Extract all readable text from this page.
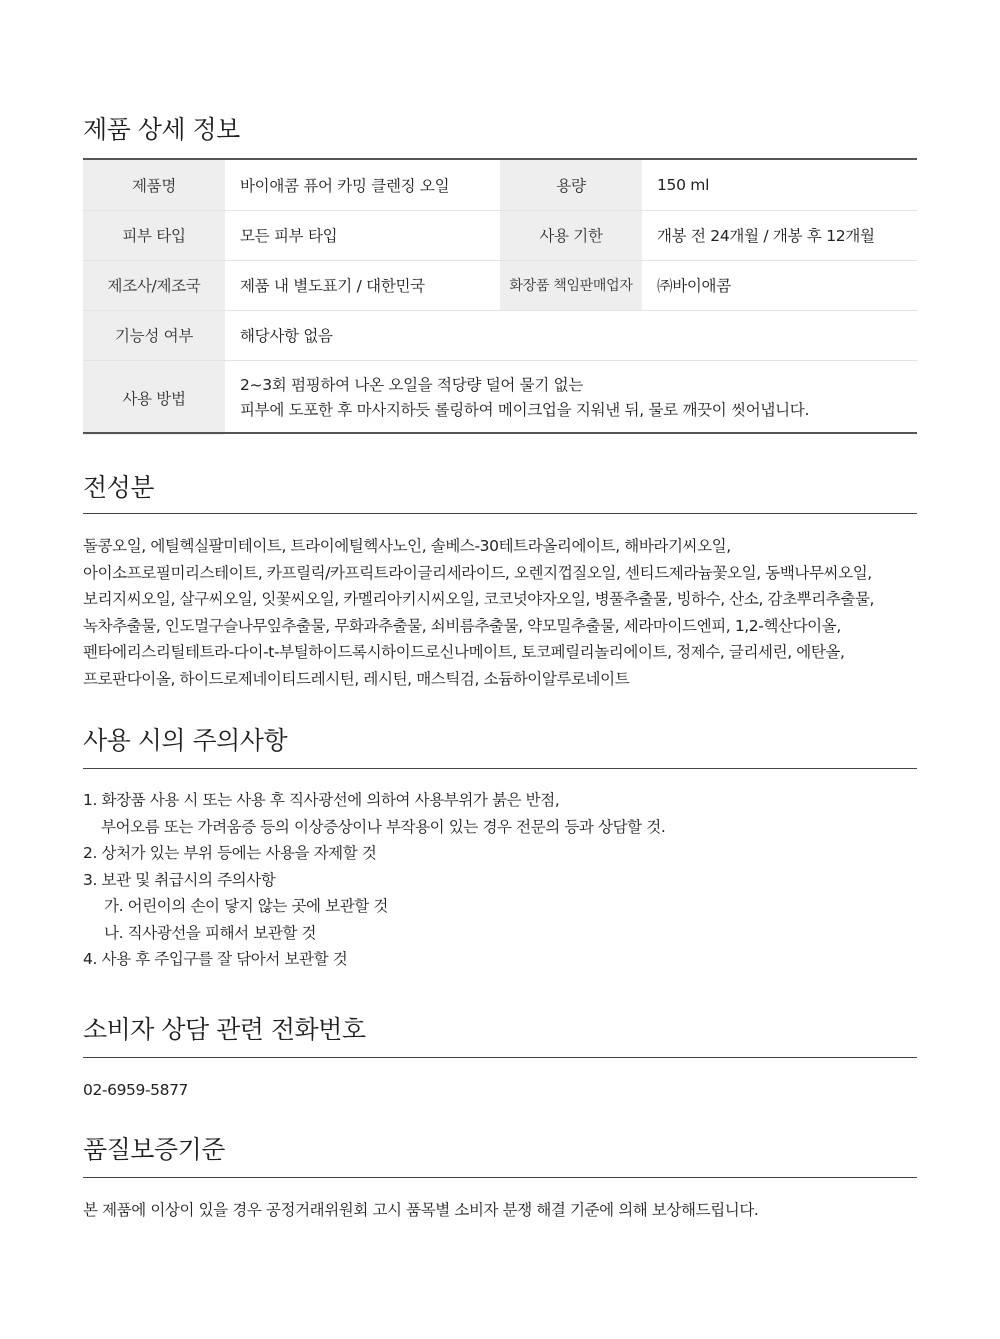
제품 상세 정보
제품명	바이애콤 퓨어 카밍 클렌징 오일	용량	150 ml
피부 타입	모든 피부 타입	사용 기한	개봉 전 24개월 / 개봉 후 12개월
제조사/제조국	제품 내 별도표기 / 대한민국	화장품 책임판매업자	㈜바이애콤
기능성 여부	해당사항 없음		
사용 방법	2~3회 펌핑하여 나온 오일을 적당량 덜어 물기 없는
피부에 도포한 후 마사지하듯 롤링하여 메이크업을 지워낸 뒤, 물로 깨끗이 씻어냅니다.		
전성분
돌콩오일, 에틸헥실팔미테이트, 트라이에틸헥사노인, 솔베스-30테트라올리에이트, 해바라기씨오일,
아이소프로필미리스테이트, 카프릴릭/카프릭트라이글리세라이드, 오렌지껍질오일, 센티드제라늄꽃오일, 동백나무씨오일,
보리지씨오일, 살구씨오일, 잇꽃씨오일, 카멜리아키시씨오일, 코코넛야자오일, 병풀추출물, 빙하수, 산소, 감초뿌리추출물,
녹차추출물, 인도멀구슬나무잎추출물, 무화과추출물, 쇠비름추출물, 약모밀추출물, 세라마이드엔피, 1,2-헥산다이올,
펜타에리스리틸테트라-다이-t-부틸하이드록시하이드로신나메이트, 토코페릴리놀리에이트, 정제수, 글리세린, 에탄올,
프로판다이올, 하이드로제네이티드레시틴, 레시틴, 매스틱검, 소듐하이알루로네이트
사용 시의 주의사항
1. 화장품 사용 시 또는 사용 후 직사광선에 의하여 사용부위가 붉은 반점,
부어오름 또는 가려움증 등의 이상증상이나 부작용이 있는 경우 전문의 등과 상담할 것.
2. 상처가 있는 부위 등에는 사용을 자제할 것
3. 보관 및 취급시의 주의사항
가. 어린이의 손이 닿지 않는 곳에 보관할 것
나. 직사광선을 피해서 보관할 것
4. 사용 후 주입구를 잘 닦아서 보관할 것
소비자 상담 관련 전화번호
02-6959-5877
품질보증기준
본 제품에 이상이 있을 경우 공정거래위원회 고시 품목별 소비자 분쟁 해결 기준에 의해 보상해드립니다.
